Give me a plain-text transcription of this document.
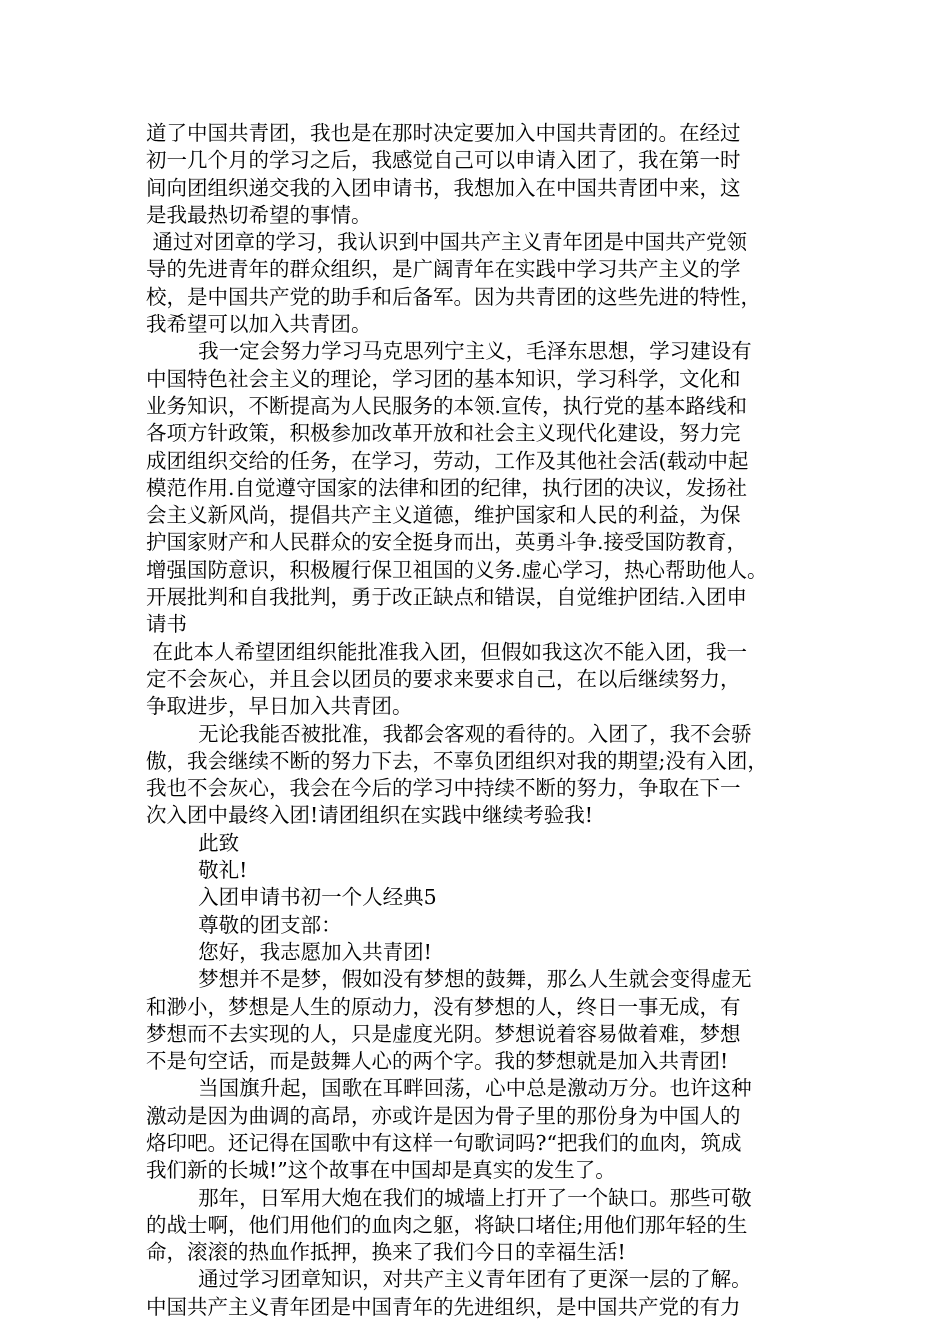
道了中国共青团，我也是在那时决定要加入中国共青团的。在经过
初一几个月的学习之后，我感觉自己可以申请入团了，我在第一时
间向团组织递交我的入团申请书，我想加入在中国共青团中来，这
是我最热切希望的事情。
通过对团章的学习，我认识到中国共产主义青年团是中国共产党领
导的先进青年的群众组织，是广阔青年在实践中学习共产主义的学
校，是中国共产党的助手和后备军。因为共青团的这些先进的特性，
我希望可以加入共青团。
我一定会努力学习马克思列宁主义，毛泽东思想，学习建设有
中国特色社会主义的理论，学习团的基本知识，学习科学，文化和
业务知识，不断提高为人民服务的本领.宣传，执行党的基本路线和
各项方针政策，积极参加改革开放和社会主义现代化建设，努力完
成团组织交给的任务，在学习，劳动，工作及其他社会活(载动中起
模范作用.自觉遵守国家的法律和团的纪律，执行团的决议，发扬社
会主义新风尚，提倡共产主义道德，维护国家和人民的利益，为保
护国家财产和人民群众的安全挺身而出，英勇斗争.接受国防教育，
增强国防意识，积极履行保卫祖国的义务.虚心学习，热心帮助他人。
开展批判和自我批判，勇于改正缺点和错误，自觉维护团结.入团申
请书
在此本人希望团组织能批准我入团，但假如我这次不能入团，我一
定不会灰心，并且会以团员的要求来要求自己，在以后继续努力，
争取进步，早日加入共青团。
无论我能否被批准，我都会客观的看待的。入团了，我不会骄
傲，我会继续不断的努力下去，不辜负团组织对我的期望;没有入团，
我也不会灰心，我会在今后的学习中持续不断的努力，争取在下一
次入团中最终入团!请团组织在实践中继续考验我!
此致
敬礼!
入团申请书初一个人经典5
尊敬的团支部：
您好，我志愿加入共青团!
梦想并不是梦，假如没有梦想的鼓舞，那么人生就会变得虚无
和渺小，梦想是人生的原动力，没有梦想的人，终日一事无成，有
梦想而不去实现的人，只是虚度光阴。梦想说着容易做着难，梦想
不是句空话，而是鼓舞人心的两个字。我的梦想就是加入共青团!
当国旗升起，国歌在耳畔回荡，心中总是激动万分。也许这种
激动是因为曲调的高昂，亦或许是因为骨子里的那份身为中国人的
烙印吧。还记得在国歌中有这样一句歌词吗?“把我们的血肉，筑成
我们新的长城!”这个故事在中国却是真实的发生了。
那年，日军用大炮在我们的城墙上打开了一个缺口。那些可敬
的战士啊，他们用他们的血肉之躯，将缺口堵住;用他们那年轻的生
命，滚滚的热血作抵押，换来了我们今日的幸福生活!
通过学习团章知识，对共产主义青年团有了更深一层的了解。
中国共产主义青年团是中国青年的先进组织，是中国共产党的有力
